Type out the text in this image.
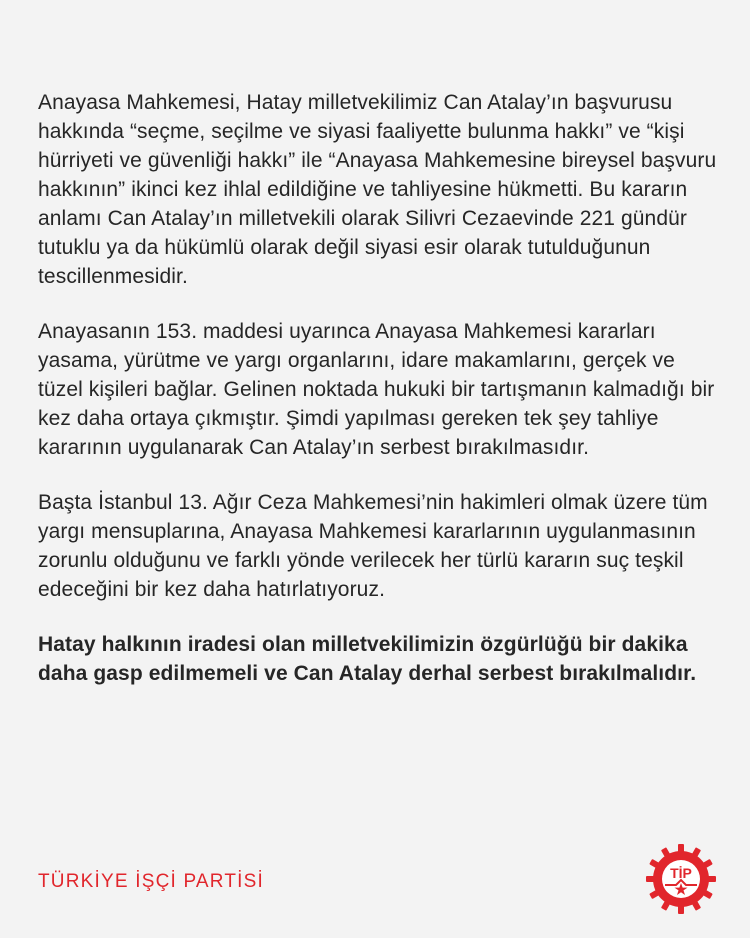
Anayasa Mahkemesi, Hatay milletvekilimiz Can Atalay’ın başvurusu hakkında “seçme, seçilme ve siyasi faaliyette bulunma hakkı” ve “kişi hürriyeti ve güvenliği hakkı” ile “Anayasa Mahkemesine bireysel başvuru hakkının” ikinci kez ihlal edildiğine ve tahliyesine hükmetti. Bu kararın anlamı Can Atalay’ın milletvekili olarak Silivri Cezaevinde 221 gündür tutuklu ya da hükümlü olarak değil siyasi esir olarak tutulduğunun tescillenmesidir.

Anayasanın 153. maddesi uyarınca Anayasa Mahkemesi kararları yasama, yürütme ve yargı organlarını, idare makamlarını, gerçek ve tüzel kişileri bağlar. Gelinen noktada hukuki bir tartışmanın kalmadığı bir kez daha ortaya çıkmıştır. Şimdi yapılması gereken tek şey tahliye kararının uygulanarak Can Atalay’ın serbest bırakılmasıdır.

Başta İstanbul 13. Ağır Ceza Mahkemesi’nin hakimleri olmak üzere tüm yargı mensuplarına, Anayasa Mahkemesi kararlarının uygulanmasının zorunlu olduğunu ve farklı yönde verilecek her türlü kararın suç teşkil edeceğini bir kez daha hatırlatıyoruz.

Hatay halkının iradesi olan milletvekilimizin özgürlüğü bir dakika daha gasp edilmemeli ve Can Atalay derhal serbest bırakılmalıdır.

TÜRKİYE İŞÇİ PARTİSİ	TİP
